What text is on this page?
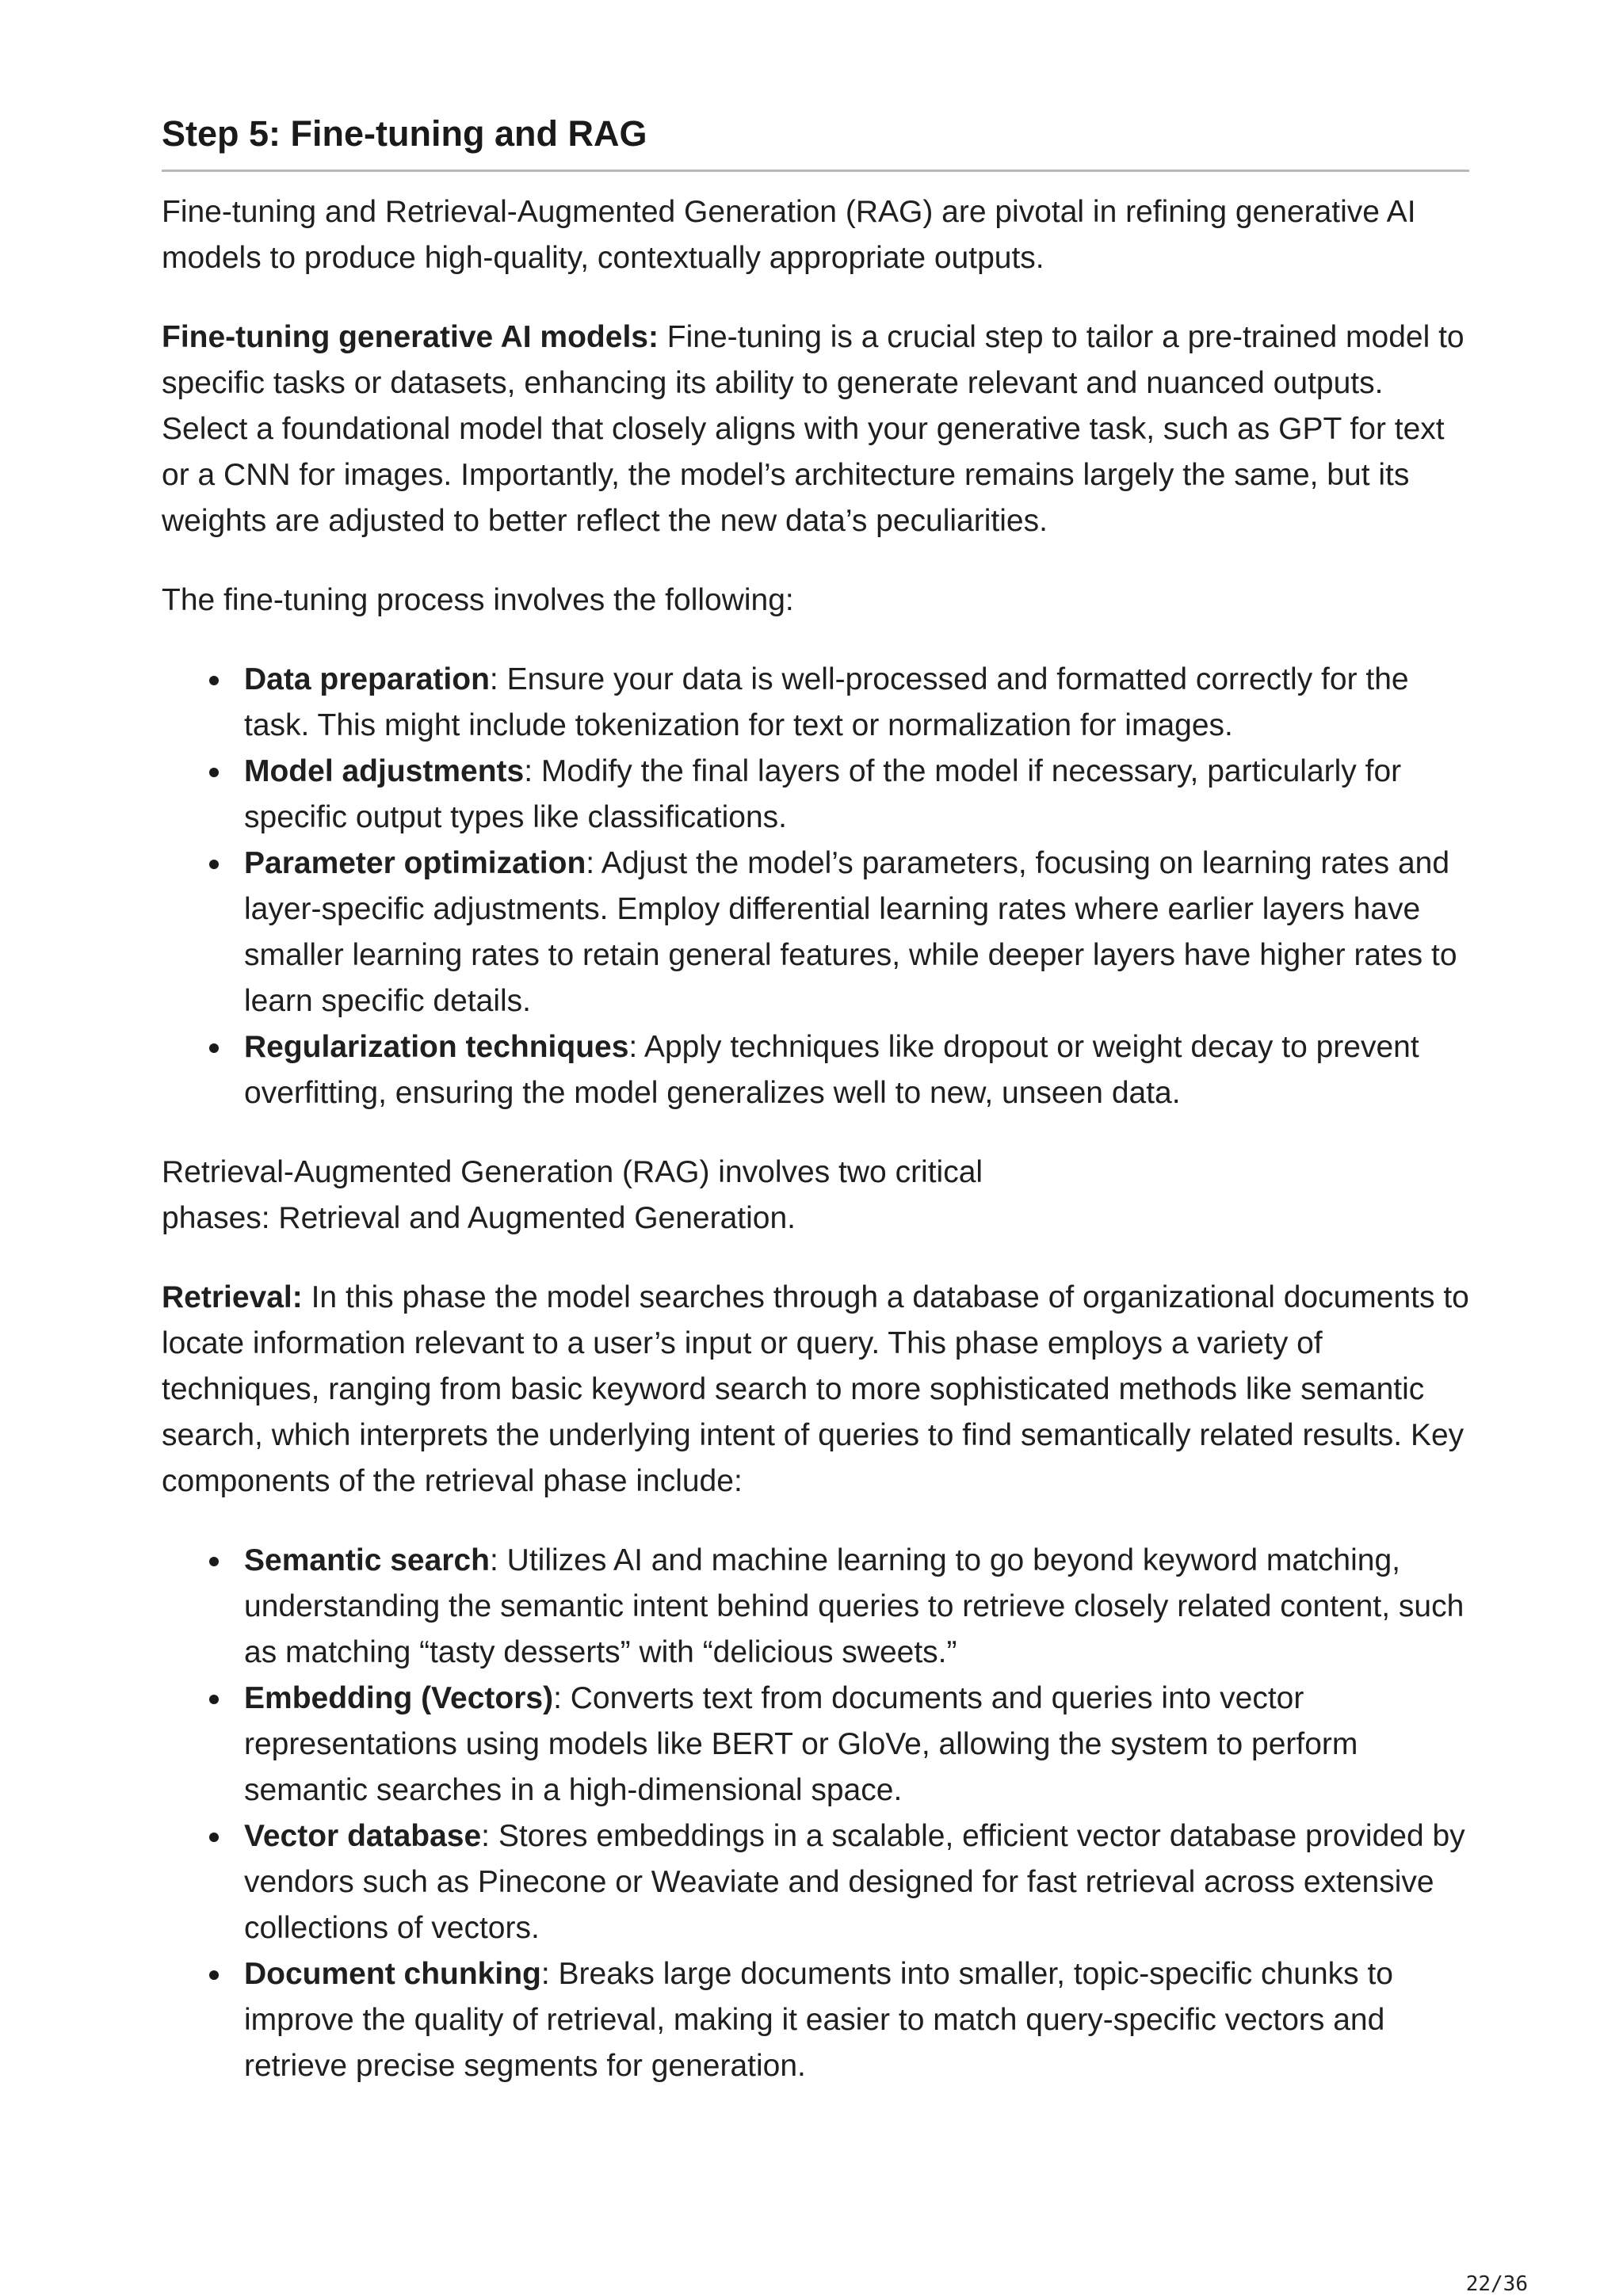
Step 5: Fine-tuning and RAG

Fine-tuning and Retrieval-Augmented Generation (RAG) are pivotal in refining generative AI models to produce high-quality, contextually appropriate outputs.

Fine-tuning generative AI models: Fine-tuning is a crucial step to tailor a pre-trained model to specific tasks or datasets, enhancing its ability to generate relevant and nuanced outputs. Select a foundational model that closely aligns with your generative task, such as GPT for text or a CNN for images. Importantly, the model’s architecture remains largely the same, but its weights are adjusted to better reflect the new data’s peculiarities.

The fine-tuning process involves the following:

Data preparation: Ensure your data is well-processed and formatted correctly for the task. This might include tokenization for text or normalization for images.
Model adjustments: Modify the final layers of the model if necessary, particularly for specific output types like classifications.
Parameter optimization: Adjust the model’s parameters, focusing on learning rates and layer-specific adjustments. Employ differential learning rates where earlier layers have smaller learning rates to retain general features, while deeper layers have higher rates to learn specific details.
Regularization techniques: Apply techniques like dropout or weight decay to prevent overfitting, ensuring the model generalizes well to new, unseen data.

Retrieval-Augmented Generation (RAG) involves two critical
phases: Retrieval and Augmented Generation.

Retrieval: In this phase the model searches through a database of organizational documents to locate information relevant to a user’s input or query. This phase employs a variety of techniques, ranging from basic keyword search to more sophisticated methods like semantic search, which interprets the underlying intent of queries to find semantically related results. Key components of the retrieval phase include:

Semantic search: Utilizes AI and machine learning to go beyond keyword matching, understanding the semantic intent behind queries to retrieve closely related content, such as matching “tasty desserts” with “delicious sweets.”
Embedding (Vectors): Converts text from documents and queries into vector representations using models like BERT or GloVe, allowing the system to perform semantic searches in a high-dimensional space.
Vector database: Stores embeddings in a scalable, efficient vector database provided by vendors such as Pinecone or Weaviate and designed for fast retrieval across extensive collections of vectors.
Document chunking: Breaks large documents into smaller, topic-specific chunks to improve the quality of retrieval, making it easier to match query-specific vectors and retrieve precise segments for generation.
22/36
